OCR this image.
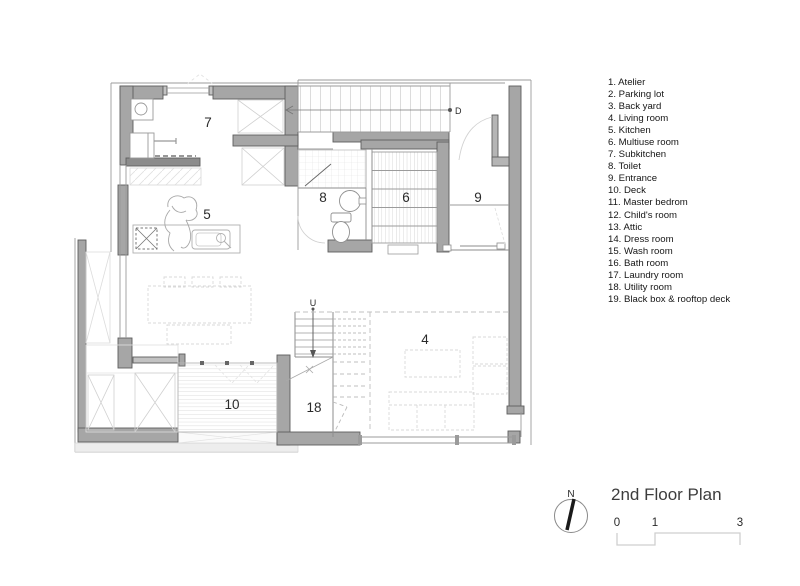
D
U
7
5
8	6	9
4
10	18
N
0	1	3
1. Atelier
2. Parking lot
3. Back yard
4. Living room
5. Kitchen
6. Multiuse room
7. Subkitchen
8. Toilet
9. Entrance
10. Deck
11. Master bedrom
12. Child's room
13. Attic
14. Dress room
15. Wash room
16. Bath room
17. Laundry room
18. Utility room
19. Black box & rooftop deck
2nd Floor Plan
